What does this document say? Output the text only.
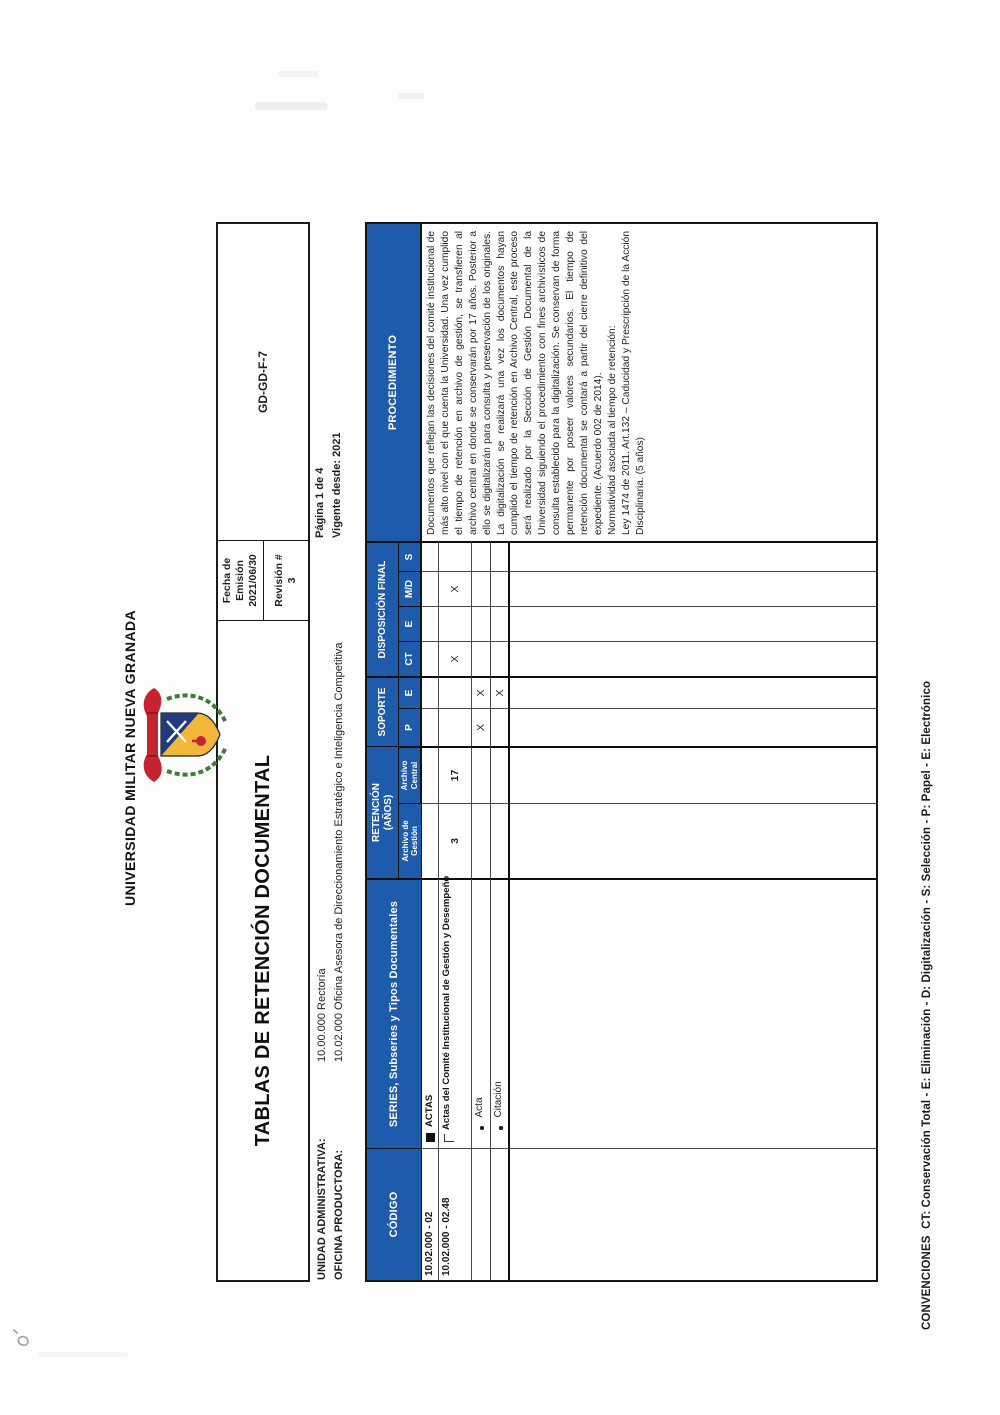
UNIVERSIDAD MILITAR NUEVA GRANADA	TABLAS DE RETENCIÓN DOCUMENTAL
Fecha de Emisión 2021/06/30 Revisión # 3
GD-GD-F-7
UNIDAD ADMINISTRATIVA: 10.00.000 Rectoría
OFICINA PRODUCTORA: 10.02.000 Oficina Asesora de Direccionamiento Estratégico e Inteligencia Competitiva
Página 1 de 4 Vigente desde: 2021
CÓDIGO
SERIES, Subseries y Tipos Documentales
RETENCIÓN (AÑOS)
Archivo de Gestión
Archivo Central
SOPORTE	P
E
DISPOSICIÓN FINAL
CT
E
M/D
S
PROCEDIMIENTO
10.02.000 - 02
ACTAS
10.02.000 - 02.48
Actas del Comité Institucional de Gestión y Desempeño
3
17
X
X
Acta
X
X
Citación
X

Documentos que reflejan las decisiones del comité institucional de más alto nivel con el que cuenta la Universidad. Una vez cumplido el tiempo de retención en archivo de gestión, se transfieren al archivo central en donde se conservarán por 17 años. Posterior a ello se digitalizarán para consulta y preservación de los originales. La digitalización se realizará una vez los documentos hayan cumplido el tiempo de retención en Archivo Central, este proceso será realizado por la Sección de Gestión Documental de la Universidad siguiendo el procedimiento con fines archivísticos de consulta establecido para la digitalización. Se conservan de forma permanente por poseer valores secundarios. El tiempo de retención documental se contará a partir del cierre definitivo del expediente. (Acuerdo 002 de 2014). Normatividad asociada al tiempo de retención: Ley 1474 de 2011. Art.132 – Caducidad y Prescripción de la Acción Disciplinaria. (5 años)

CONVENCIONES  CT: Conservación Total - E: Eliminación - D: Digitalización - S: Selección - P: Papel - E: Electrónico
